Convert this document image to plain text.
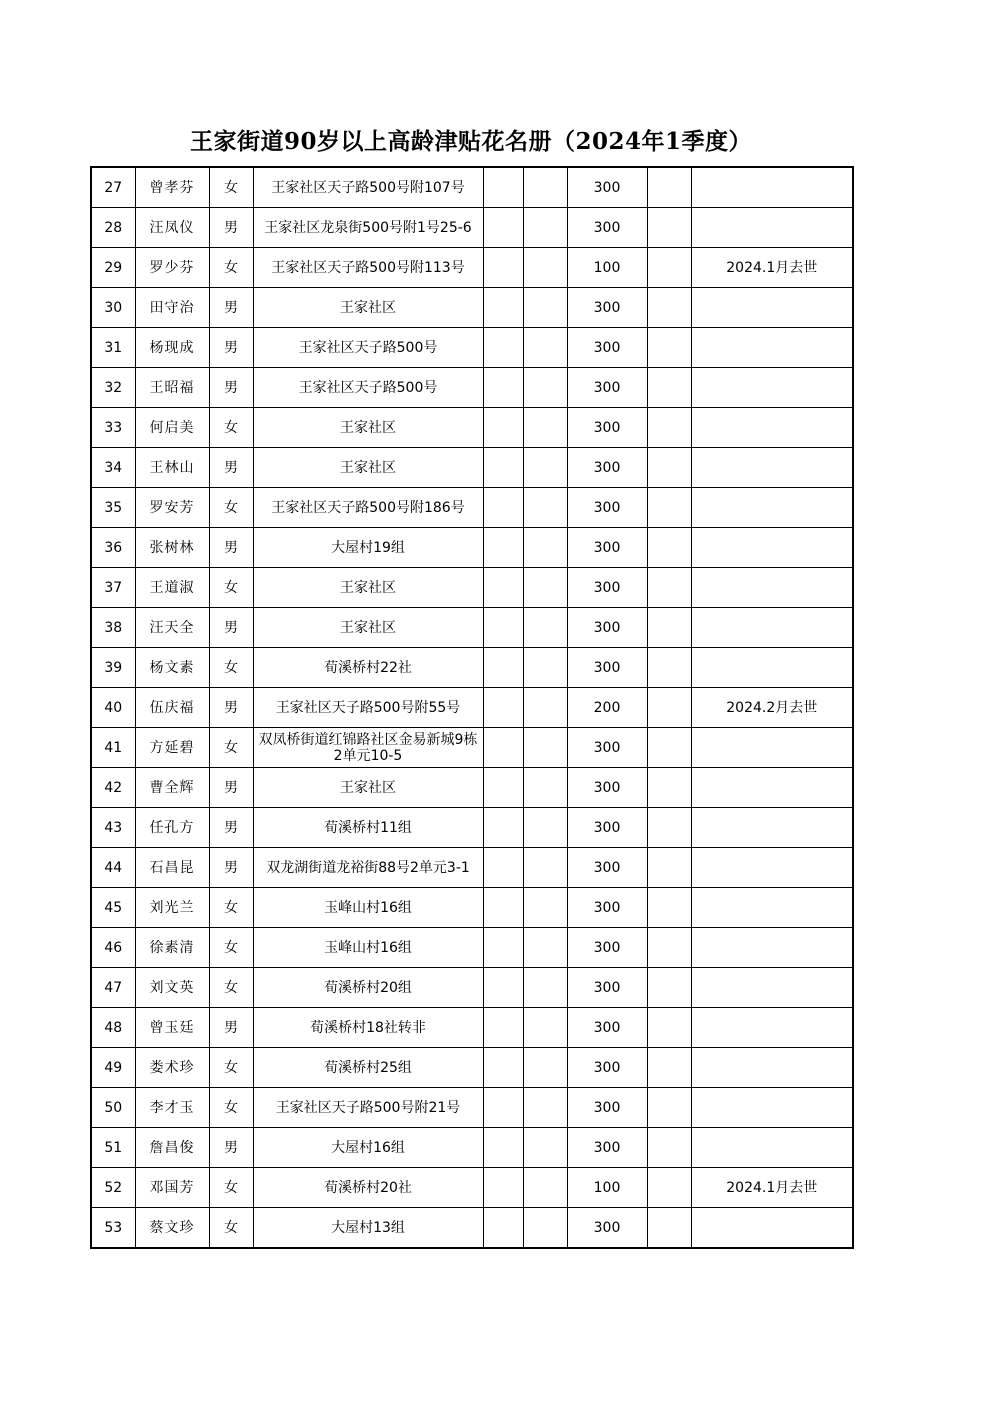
王家街道90岁以上高龄津贴花名册（2024年1季度）
27	曾孝芬	女	王家社区天子路500号附107号			300		
28	汪凤仪	男	王家社区龙泉街500号附1号25-6			300		
29	罗少芬	女	王家社区天子路500号附113号			100		2024.1月去世
30	田守治	男	王家社区			300		
31	杨现成	男	王家社区天子路500号			300		
32	王昭福	男	王家社区天子路500号			300		
33	何启美	女	王家社区			300		
34	王林山	男	王家社区			300		
35	罗安芳	女	王家社区天子路500号附186号			300		
36	张树林	男	大屋村19组			300		
37	王道淑	女	王家社区			300		
38	汪天全	男	王家社区			300		
39	杨文素	女	荀溪桥村22社			300		
40	伍庆福	男	王家社区天子路500号附55号			200		2024.2月去世
41	方延碧	女	双凤桥街道红锦路社区金易新城9栋2单元10-5			300		
42	曹全辉	男	王家社区			300		
43	任孔方	男	荀溪桥村11组			300		
44	石昌昆	男	双龙湖街道龙裕街88号2单元3-1			300		
45	刘光兰	女	玉峰山村16组			300		
46	徐素清	女	玉峰山村16组			300		
47	刘文英	女	荀溪桥村20组			300		
48	曾玉廷	男	荀溪桥村18社转非			300		
49	娄术珍	女	荀溪桥村25组			300		
50	李才玉	女	王家社区天子路500号附21号			300		
51	詹昌俊	男	大屋村16组			300		
52	邓国芳	女	荀溪桥村20社			100		2024.1月去世
53	蔡文珍	女	大屋村13组			300		
